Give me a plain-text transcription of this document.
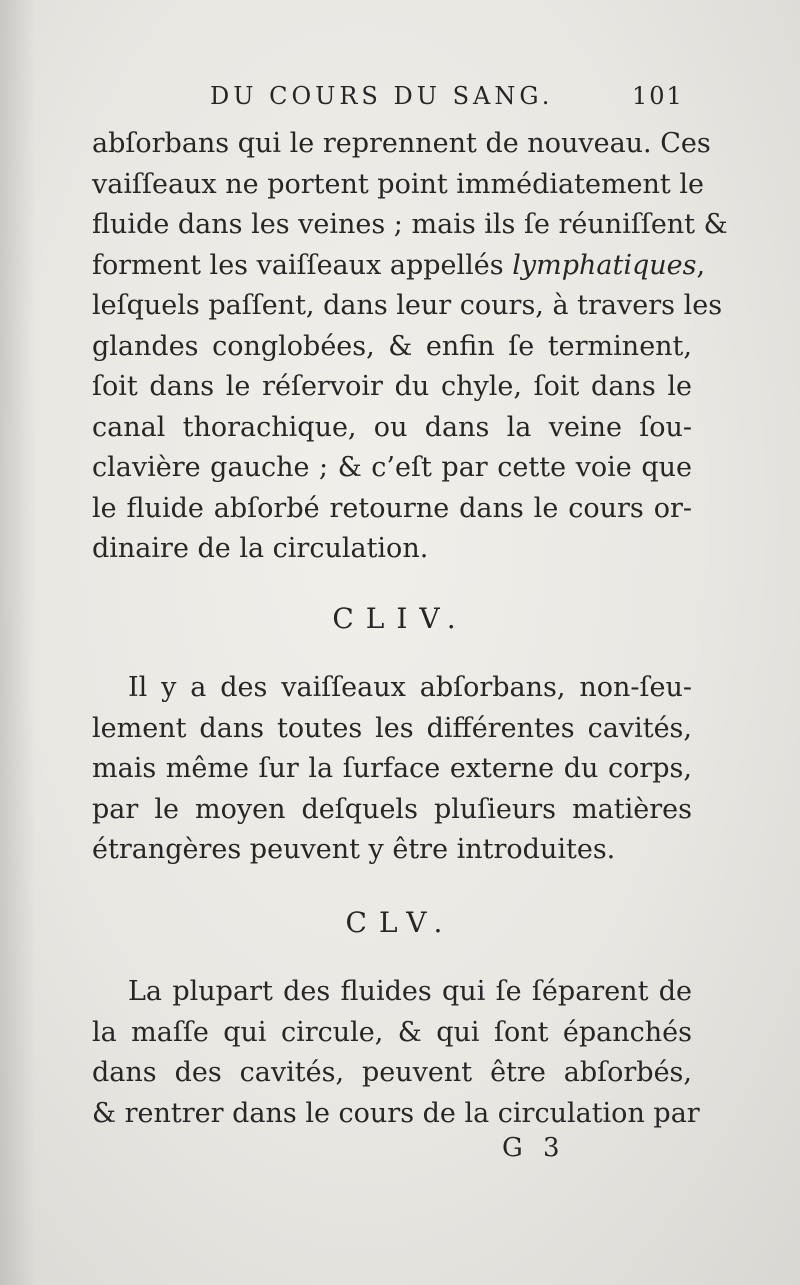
DU COURS DU SANG.	101
abſorbans qui le reprennent de nouveau. Ces
vaiſſeaux ne portent point immédiatement le
fluide dans les veines ; mais ils ſe réuniſſent &
forment les vaiſſeaux appellés lymphatiques,
leſquels paſſent, dans leur cours, à travers les
glandes conglobées, & enfin ſe terminent,
ſoit dans le réſervoir du chyle, ſoit dans le
canal thorachique, ou dans la veine ſou-
clavière gauche ; & c’eſt par cette voie que
le fluide abſorbé retourne dans le cours or-
dinaire de la circulation.
CLIV.
Il y a des vaiſſeaux abſorbans, non-ſeu-
lement dans toutes les différentes cavités,
mais même ſur la ſurface externe du corps,
par le moyen deſquels pluſieurs matières
étrangères peuvent y être introduites.
CLV.
La plupart des fluides qui ſe ſéparent de
la maſſe qui circule, & qui ſont épanchés
dans des cavités, peuvent être abſorbés,
& rentrer dans le cours de la circulation par
G 3
